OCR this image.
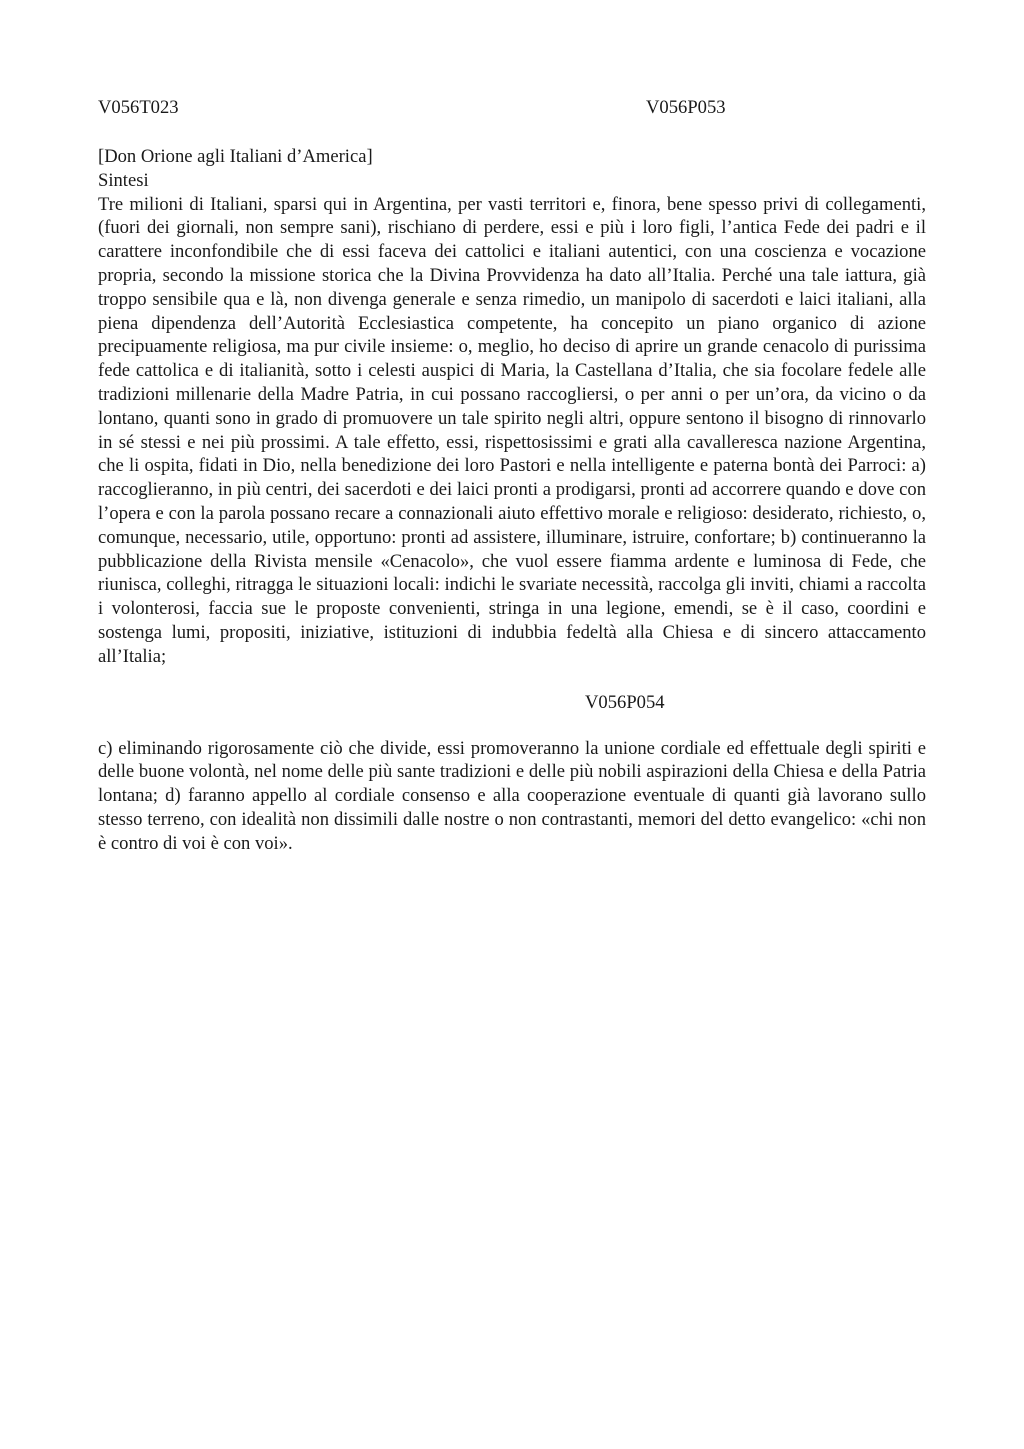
V056T023	V056P053
[Don Orione agli Italiani d’America]
Sintesi

Tre milioni di Italiani, sparsi qui in Argentina, per vasti territori e, finora, bene spesso privi di collegamenti, (fuori dei giornali, non sempre sani), rischiano di perdere, essi e più i loro figli, l’antica Fede dei padri e il carattere inconfondibile che di essi faceva dei cattolici e italiani autentici, con una coscienza e vocazione propria, secondo la missione storica che la Divina Provvidenza ha dato all’Italia. Perché una tale iattura, già troppo sensibile qua e là, non divenga generale e senza rimedio, un manipolo di sacerdoti e laici italiani, alla piena dipendenza dell’Autorità Ecclesiastica competente, ha concepito un piano organico di azione precipuamente religiosa, ma pur civile insieme: o, meglio, ho deciso di aprire un grande cenacolo di purissima fede cattolica e di italianità, sotto i celesti auspici di Maria, la Castellana d’Italia, che sia focolare fedele alle tradizioni millenarie della Madre Patria, in cui possano raccogliersi, o per anni o per un’ora, da vicino o da lontano, quanti sono in grado di promuovere un tale spirito negli altri, oppure sentono il bisogno di rinnovarlo in sé stessi e nei più prossimi. A tale effetto, essi, rispettosissimi e grati alla cavalleresca nazione Argentina, che li ospita, fidati in Dio, nella benedizione dei loro Pastori e nella intelligente e paterna bontà dei Parroci: a) raccoglieranno, in più centri, dei sacerdoti e dei laici pronti a prodigarsi, pronti ad accorrere quando e dove con l’opera e con la parola possano recare a connazionali aiuto effettivo morale e religioso: desiderato, richiesto, o, comunque, necessario, utile, opportuno: pronti ad assistere, illuminare, istruire, confortare; b) continueranno la pubblicazione della Rivista mensile «Cenacolo», che vuol essere fiamma ardente e luminosa di Fede, che riunisca, colleghi, ritragga le situazioni locali: indichi le svariate necessità, raccolga gli inviti, chiami a raccolta i volonterosi, faccia sue le proposte convenienti, stringa in una legione, emendi, se è il caso, coordini e sostenga lumi, propositi, iniziative, istituzioni di indubbia fedeltà alla Chiesa e di sincero attaccamento all’Italia;

V056P054

c) eliminando rigorosamente ciò che divide, essi promoveranno la unione cordiale ed effettuale degli spiriti e delle buone volontà, nel nome delle più sante tradizioni e delle più nobili aspirazioni della Chiesa e della Patria lontana; d) faranno appello al cordiale consenso e alla cooperazione eventuale di quanti già lavorano sullo stesso terreno, con idealità non dissimili dalle nostre o non contrastanti, memori del detto evangelico: «chi non è contro di voi è con voi».
